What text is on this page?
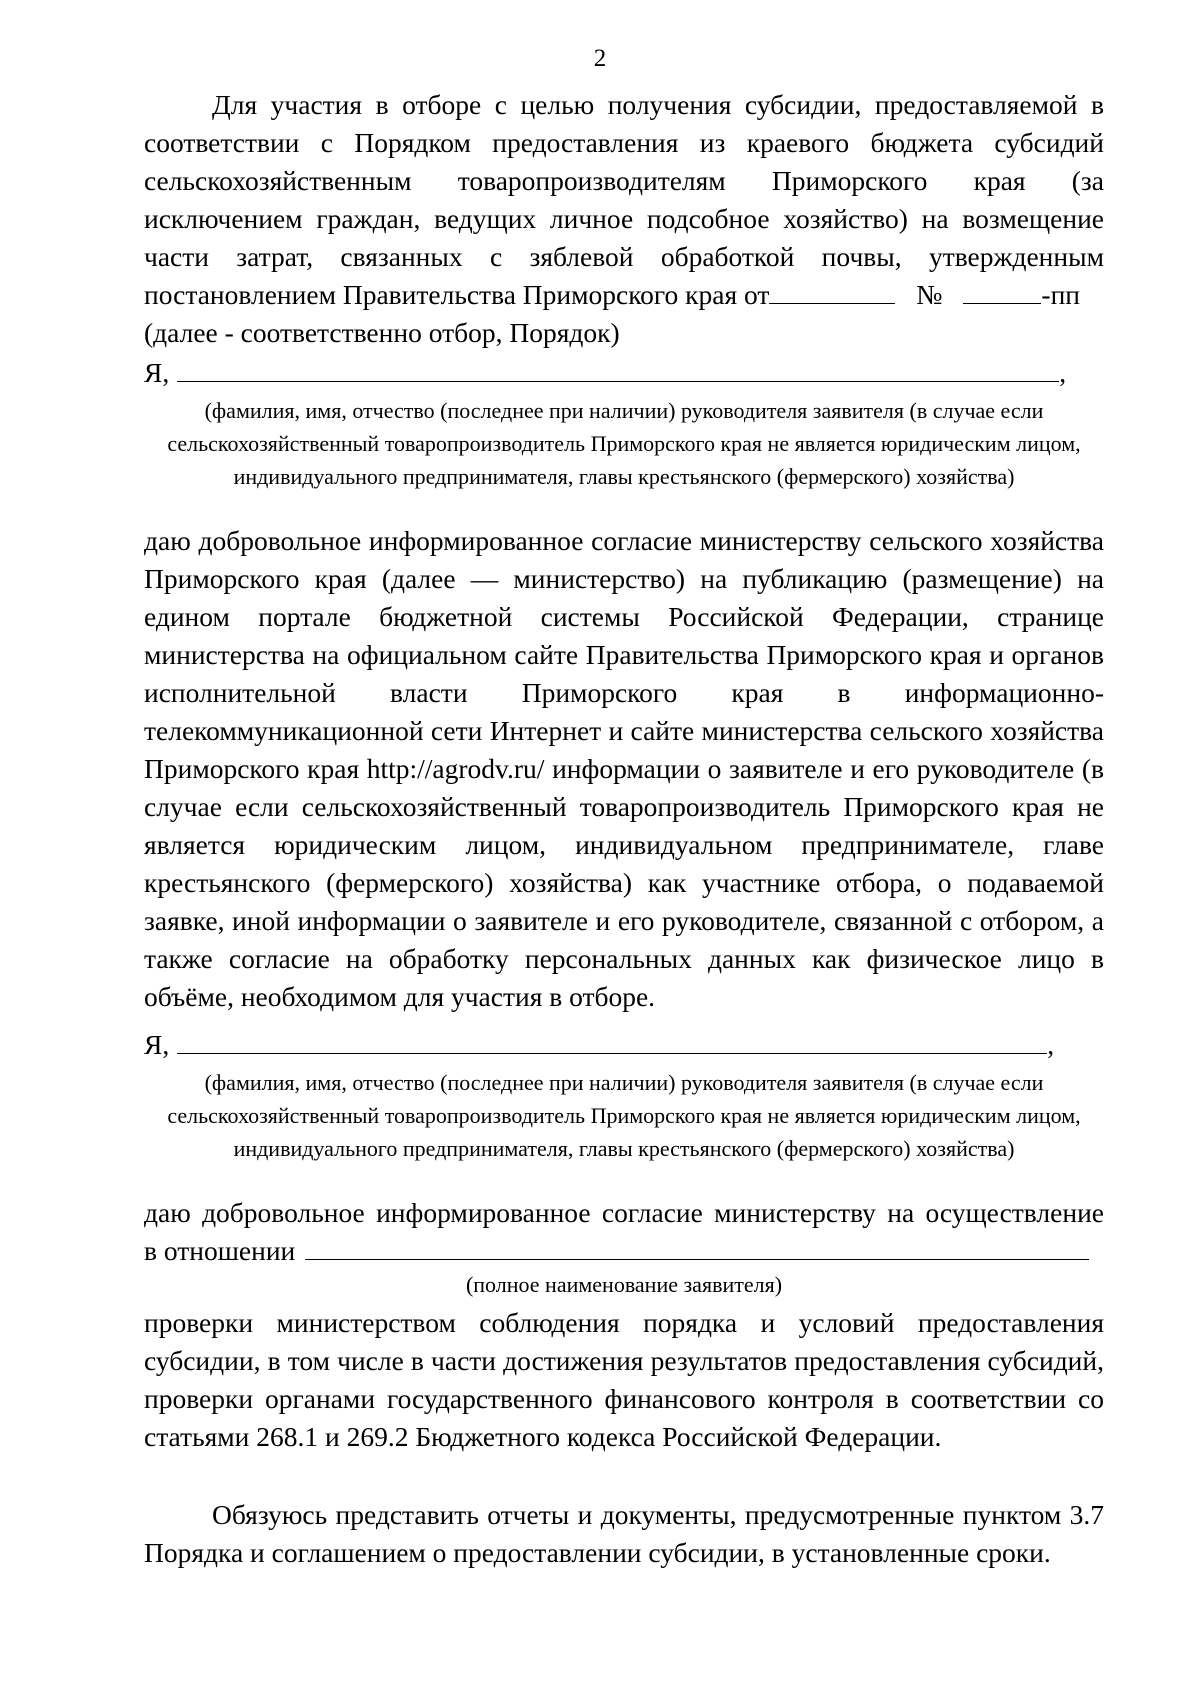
2
Для участия в отборе с целью получения субсидии, предоставляемой в
соответствии с Порядком предоставления из краевого бюджета субсидий
сельскохозяйственным товаропроизводителям Приморского края (за
исключением граждан, ведущих личное подсобное хозяйство) на возмещение
части затрат, связанных с зяблевой обработкой почвы, утвержденным
постановлением Правительства Приморского края от	№	-пп
(далее - соответственно отбор, Порядок)
Я,	,
(фамилия, имя, отчество (последнее при наличии) руководителя заявителя (в случае если сельскохозяйственный товаропроизводитель Приморского края не является юридическим лицом, индивидуального предпринимателя, главы крестьянского (фермерского) хозяйства)
даю добровольное информированное согласие министерству сельского хозяйства Приморского края (далее — министерство) на публикацию (размещение) на едином портале бюджетной системы Российской Федерации, странице министерства на официальном сайте Правительства Приморского края и органов исполнительной власти Приморского края в информационно-телекоммуникационной сети Интернет и сайте министерства сельского хозяйства Приморского края http://agrodv.ru/ информации о заявителе и его руководителе (в случае если сельскохозяйственный товаропроизводитель Приморского края не является юридическим лицом, индивидуальном предпринимателе, главе крестьянского (фермерского) хозяйства) как участнике отбора, о подаваемой заявке, иной информации о заявителе и его руководителе, связанной с отбором, а также согласие на обработку персональных данных как физическое лицо в объёме, необходимом для участия в отборе.
Я,	,
(фамилия, имя, отчество (последнее при наличии) руководителя заявителя (в случае если сельскохозяйственный товаропроизводитель Приморского края не является юридическим лицом, индивидуального предпринимателя, главы крестьянского (фермерского) хозяйства)
даю добровольное информированное согласие министерству на осуществление
в отношении
(полное наименование заявителя)
проверки министерством соблюдения порядка и условий предоставления субсидии, в том числе в части достижения результатов предоставления субсидий, проверки органами государственного финансового контроля в соответствии со статьями 268.1 и 269.2 Бюджетного кодекса Российской Федерации.
Обязуюсь представить отчеты и документы, предусмотренные пунктом 3.7 Порядка и соглашением о предоставлении субсидии, в установленные сроки.
